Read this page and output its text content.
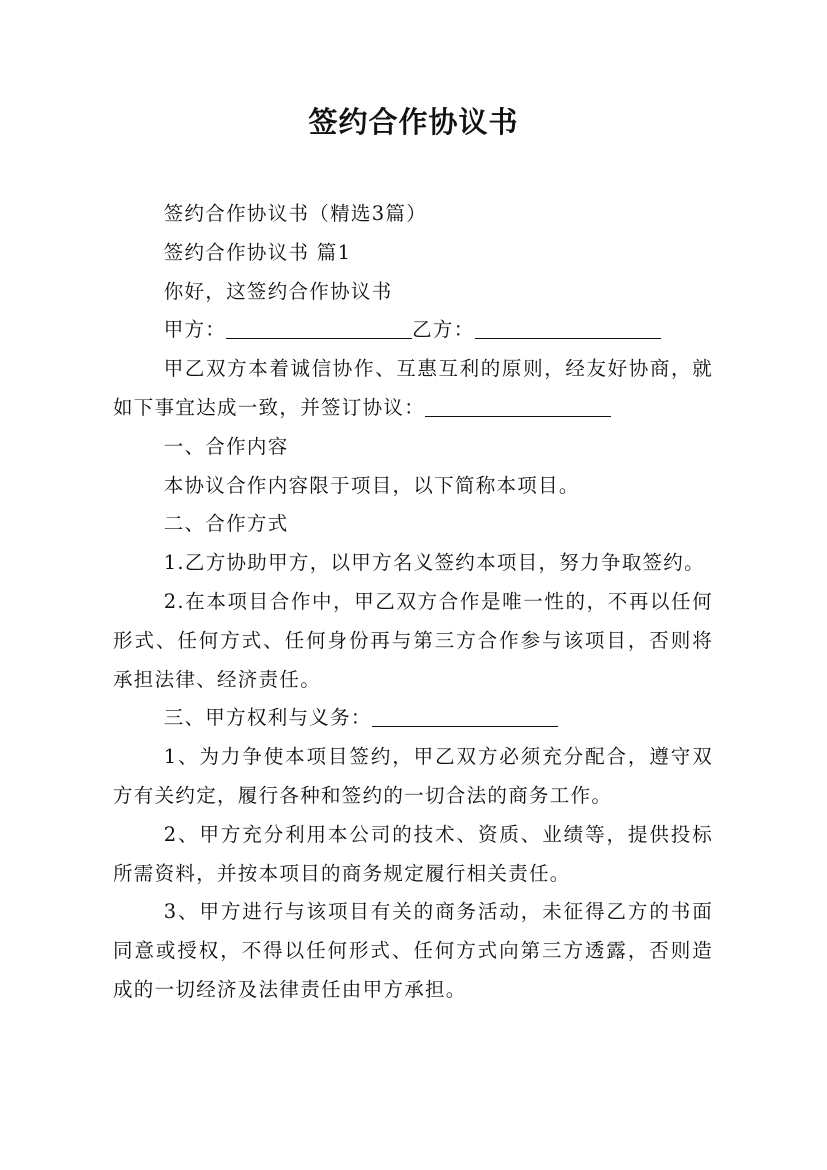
签约合作协议书

签约合作协议书（精选3篇）

签约合作协议书 篇1

你好，这签约合作协议书

甲方：	乙方：

甲乙双方本着诚信协作、互惠互利的原则，经友好协商，就如下事宜达成一致，并签订协议：

一、合作内容

本协议合作内容限于项目，以下简称本项目。

二、合作方式

1.乙方协助甲方，以甲方名义签约本项目，努力争取签约。

2.在本项目合作中，甲乙双方合作是唯一性的，不再以任何形式、任何方式、任何身份再与第三方合作参与该项目，否则将承担法律、经济责任。

三、甲方权利与义务：

1、为力争使本项目签约，甲乙双方必须充分配合，遵守双方有关约定，履行各种和签约的一切合法的商务工作。

2、甲方充分利用本公司的技术、资质、业绩等，提供投标所需资料，并按本项目的商务规定履行相关责任。

3、甲方进行与该项目有关的商务活动，未征得乙方的书面同意或授权，不得以任何形式、任何方式向第三方透露，否则造成的一切经济及法律责任由甲方承担。
